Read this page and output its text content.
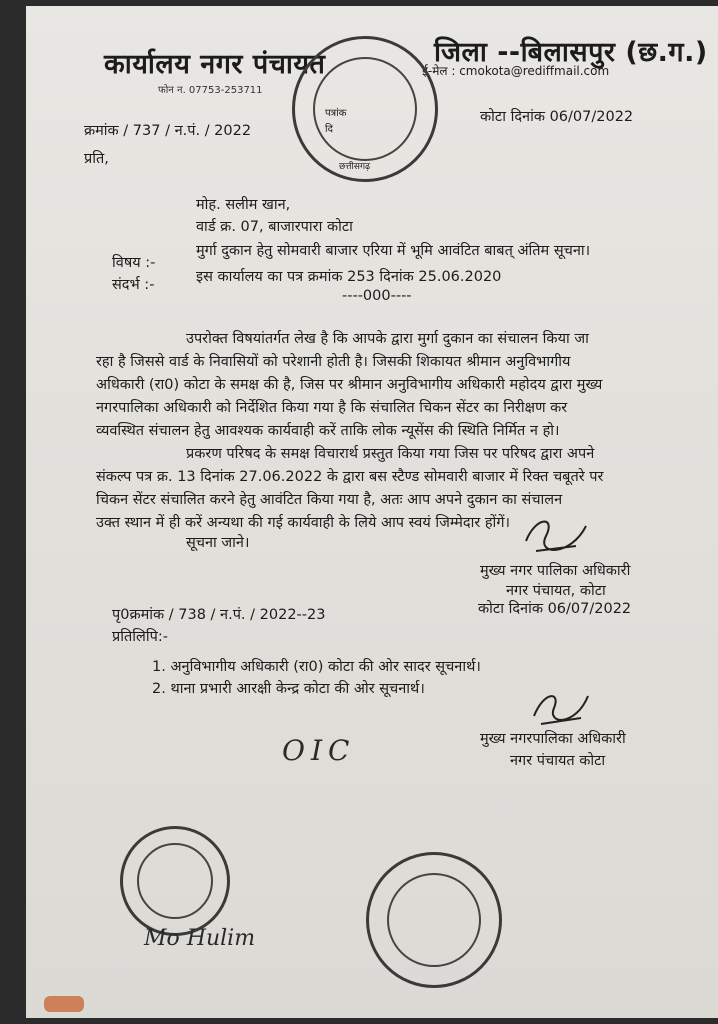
कार्यालय नगर पंचायत	जिला --बिलासपुर (छ.ग.)
फोन न. 07753-253711
ई-मेल : cmokota@rediffmail.com
पत्रांक
दि
छत्तीसगढ़
क्रमांक / 737 / न.पं. / 2022
कोटा दिनांक 06/07/2022
प्रति,
मोह. सलीम खान,
वार्ड क्र. 07, बाजारपारा कोटा
विषय :-
मुर्गा दुकान हेतु सोमवारी बाजार एरिया में भूमि आवंटित बाबत् अंतिम सूचना।
संदर्भ :-	इस कार्यालय का पत्र क्रमांक 253 दिनांक 25.06.2020
----000----
उपरोक्त विषयांतर्गत लेख है कि आपके द्वारा मुर्गा दुकान का संचालन किया जा
रहा है जिससे वार्ड के निवासियों को परेशानी होती है। जिसकी शिकायत श्रीमान अनुविभागीय
अधिकारी (रा0) कोटा के समक्ष की है, जिस पर श्रीमान अनुविभागीय अधिकारी महोदय द्वारा मुख्य
नगरपालिका अधिकारी को निर्देशित किया गया है कि संचालित चिकन सेंटर का निरीक्षण कर
व्यवस्थित संचालन हेतु आवश्यक कार्यवाही करें ताकि लोक न्यूसेंस की स्थिति निर्मित न हो।
प्रकरण परिषद के समक्ष विचारार्थ प्रस्तुत किया गया जिस पर परिषद द्वारा अपने
संकल्प पत्र क्र. 13 दिनांक 27.06.2022 के द्वारा बस स्टैण्ड सोमवारी बाजार में रिक्त चबूतरे पर
चिकन सेंटर संचालित करने हेतु आवंटित किया गया है, अतः आप अपने दुकान का संचालन
उक्त स्थान में ही करें अन्यथा की गई कार्यवाही के लिये आप स्वयं जिम्मेदार होंगें।
सूचना जाने।
मुख्य नगर पालिका अधिकारी
नगर पंचायत, कोटा
पृ0क्रमांक / 738 / न.पं. / 2022--23	कोटा दिनांक 06/07/2022
प्रतिलिपि:-
1. अनुविभागीय अधिकारी (रा0) कोटा की ओर सादर सूचनार्थ।
2. थाना प्रभारी आरक्षी केन्द्र कोटा की ओर सूचनार्थ।
मुख्य नगरपालिका अधिकारी
नगर पंचायत कोटा
OIC
Mo Hulim
